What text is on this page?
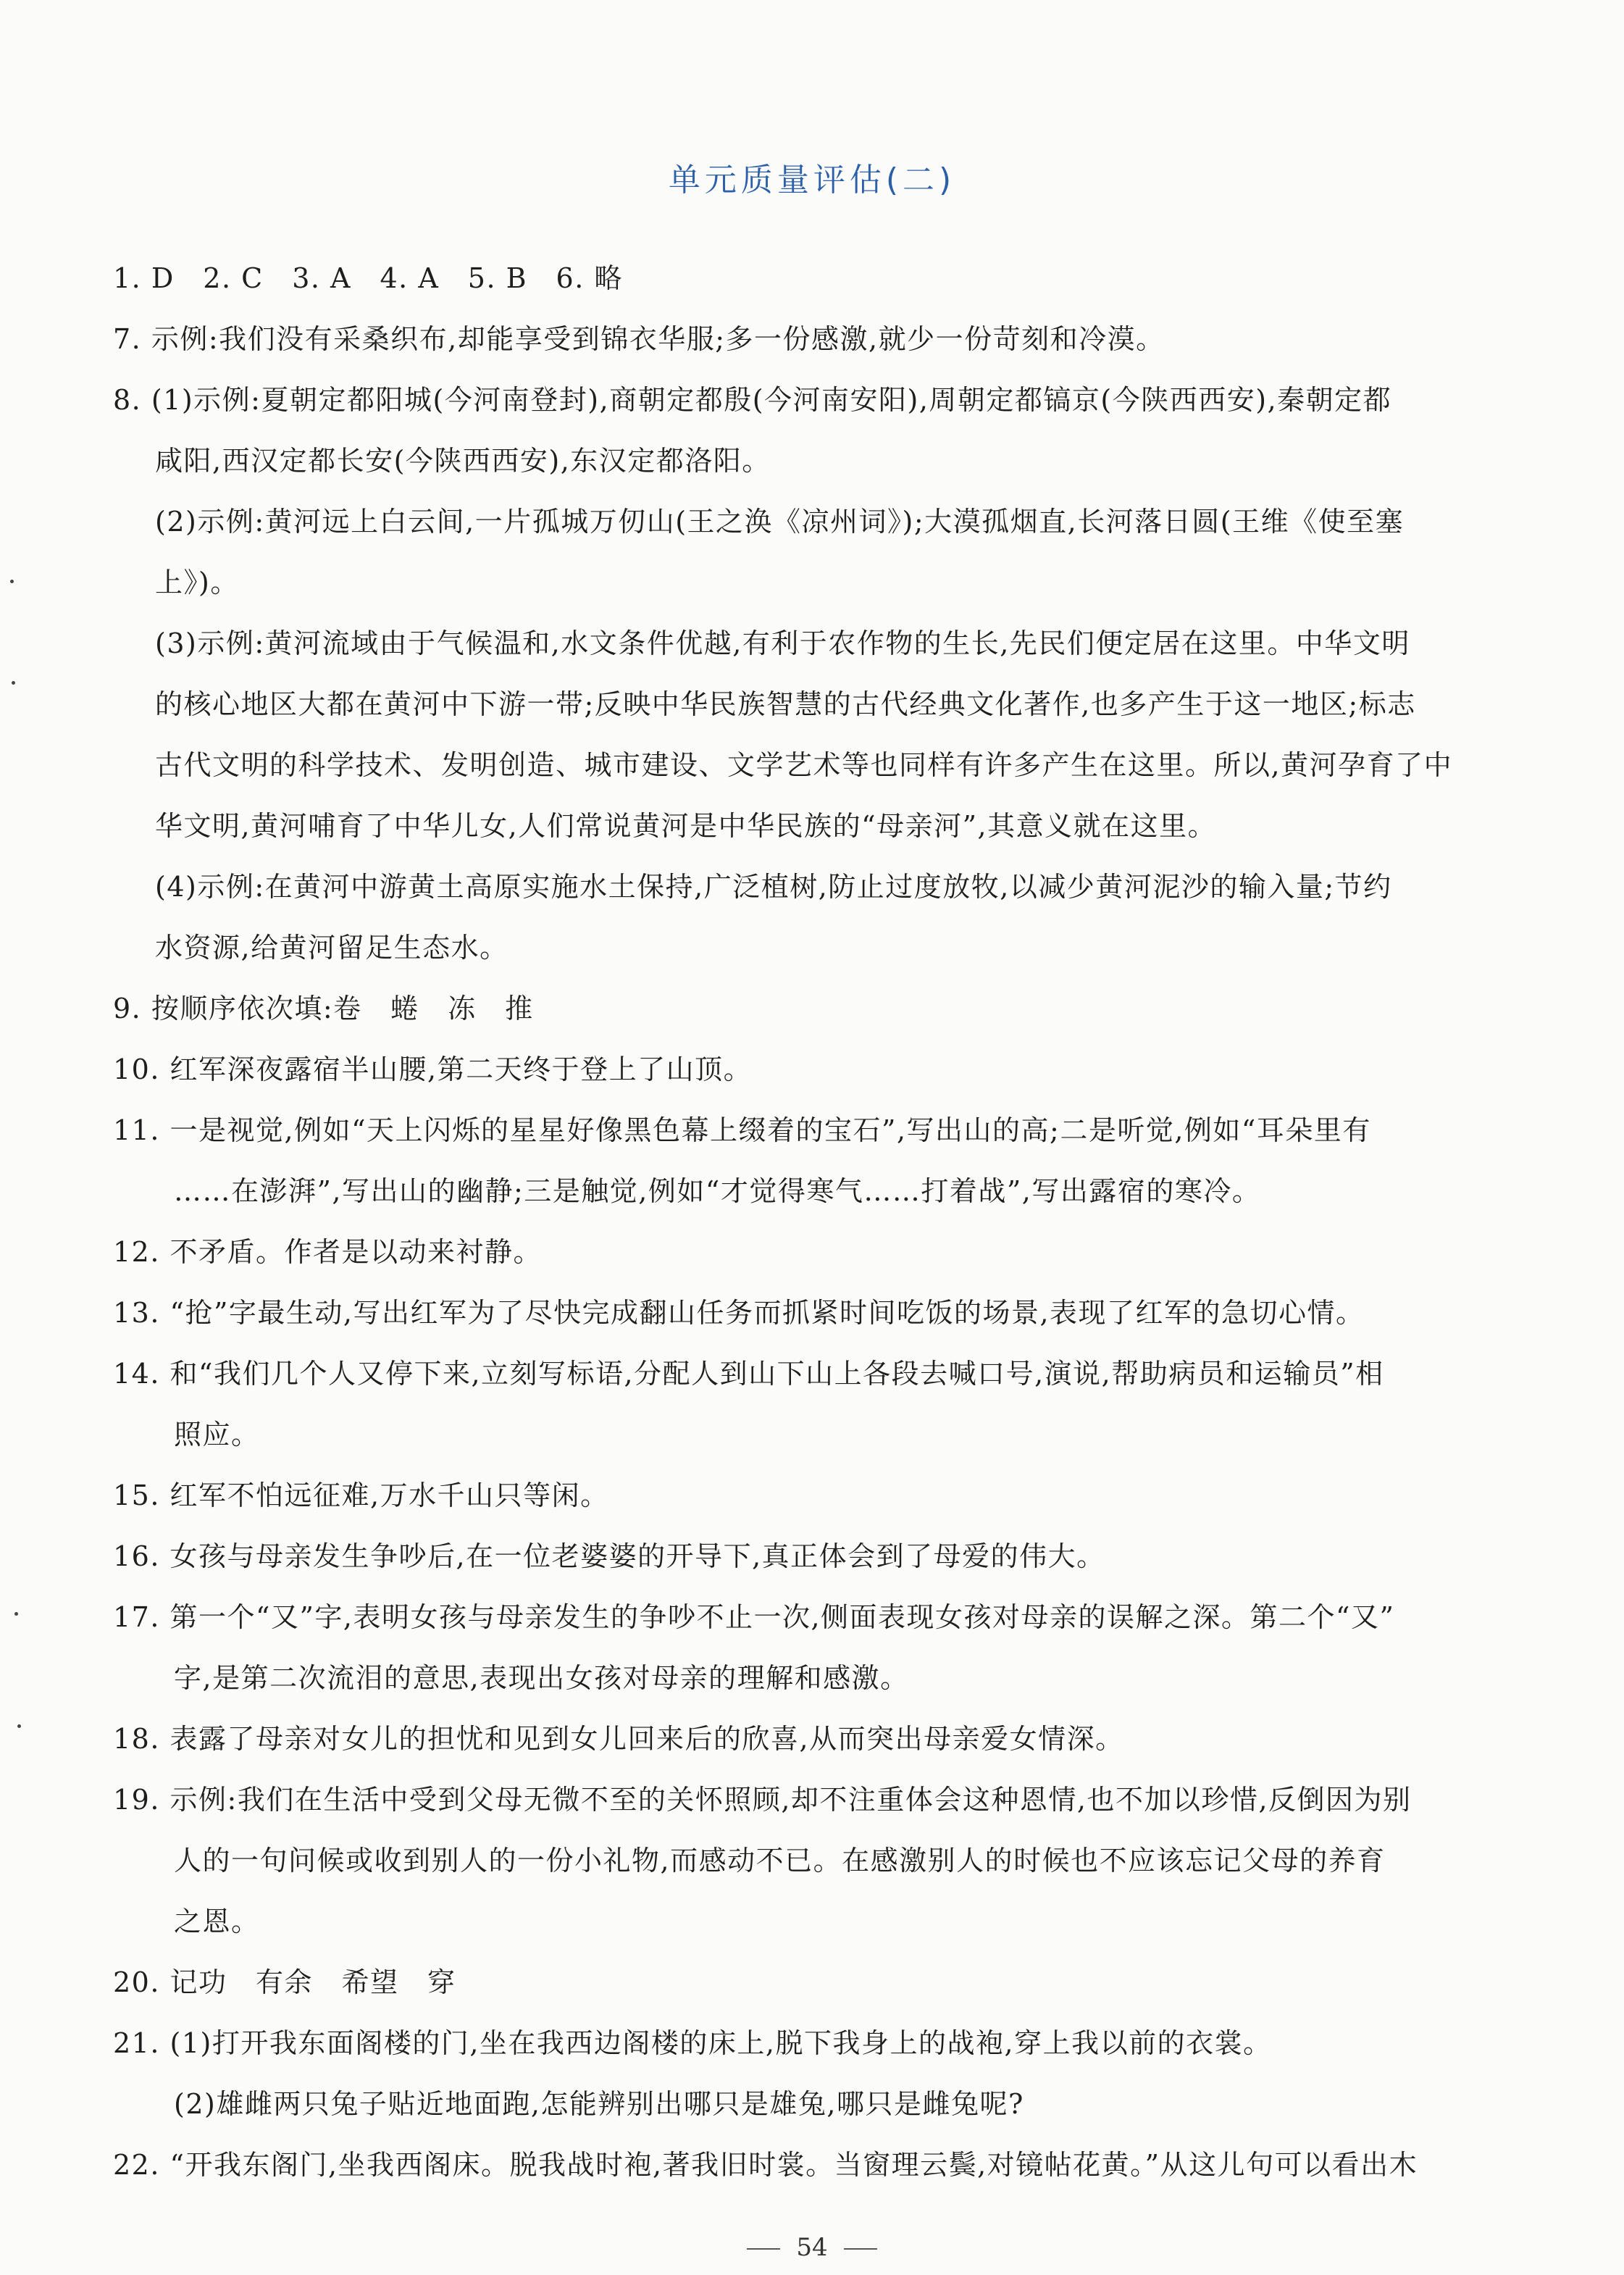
单元质量评估(二)
1. D　2. C　3. A　4. A　5. B　6. 略
7. 示例:我们没有采桑织布,却能享受到锦衣华服;多一份感激,就少一份苛刻和冷漠。
8. (1)示例:夏朝定都阳城(今河南登封),商朝定都殷(今河南安阳),周朝定都镐京(今陕西西安),秦朝定都
咸阳,西汉定都长安(今陕西西安),东汉定都洛阳。
(2)示例:黄河远上白云间,一片孤城万仞山(王之涣《凉州词》);大漠孤烟直,长河落日圆(王维《使至塞
上》)。
(3)示例:黄河流域由于气候温和,水文条件优越,有利于农作物的生长,先民们便定居在这里。中华文明
的核心地区大都在黄河中下游一带;反映中华民族智慧的古代经典文化著作,也多产生于这一地区;标志
古代文明的科学技术、发明创造、城市建设、文学艺术等也同样有许多产生在这里。所以,黄河孕育了中
华文明,黄河哺育了中华儿女,人们常说黄河是中华民族的“母亲河”,其意义就在这里。
(4)示例:在黄河中游黄土高原实施水土保持,广泛植树,防止过度放牧,以减少黄河泥沙的输入量;节约
水资源,给黄河留足生态水。
9. 按顺序依次填:卷　蜷　冻　推
10. 红军深夜露宿半山腰,第二天终于登上了山顶。
11. 一是视觉,例如“天上闪烁的星星好像黑色幕上缀着的宝石”,写出山的高;二是听觉,例如“耳朵里有
……在澎湃”,写出山的幽静;三是触觉,例如“才觉得寒气……打着战”,写出露宿的寒冷。
12. 不矛盾。作者是以动来衬静。
13. “抢”字最生动,写出红军为了尽快完成翻山任务而抓紧时间吃饭的场景,表现了红军的急切心情。
14. 和“我们几个人又停下来,立刻写标语,分配人到山下山上各段去喊口号,演说,帮助病员和运输员”相
照应。
15. 红军不怕远征难,万水千山只等闲。
16. 女孩与母亲发生争吵后,在一位老婆婆的开导下,真正体会到了母爱的伟大。
17. 第一个“又”字,表明女孩与母亲发生的争吵不止一次,侧面表现女孩对母亲的误解之深。第二个“又”
字,是第二次流泪的意思,表现出女孩对母亲的理解和感激。
18. 表露了母亲对女儿的担忧和见到女儿回来后的欣喜,从而突出母亲爱女情深。
19. 示例:我们在生活中受到父母无微不至的关怀照顾,却不注重体会这种恩情,也不加以珍惜,反倒因为别
人的一句问候或收到别人的一份小礼物,而感动不已。在感激别人的时候也不应该忘记父母的养育
之恩。
20. 记功　有余　希望　穿
21. (1)打开我东面阁楼的门,坐在我西边阁楼的床上,脱下我身上的战袍,穿上我以前的衣裳。
(2)雄雌两只兔子贴近地面跑,怎能辨别出哪只是雄兔,哪只是雌兔呢?
22. “开我东阁门,坐我西阁床。脱我战时袍,著我旧时裳。当窗理云鬓,对镜帖花黄。”从这儿句可以看出木
54
